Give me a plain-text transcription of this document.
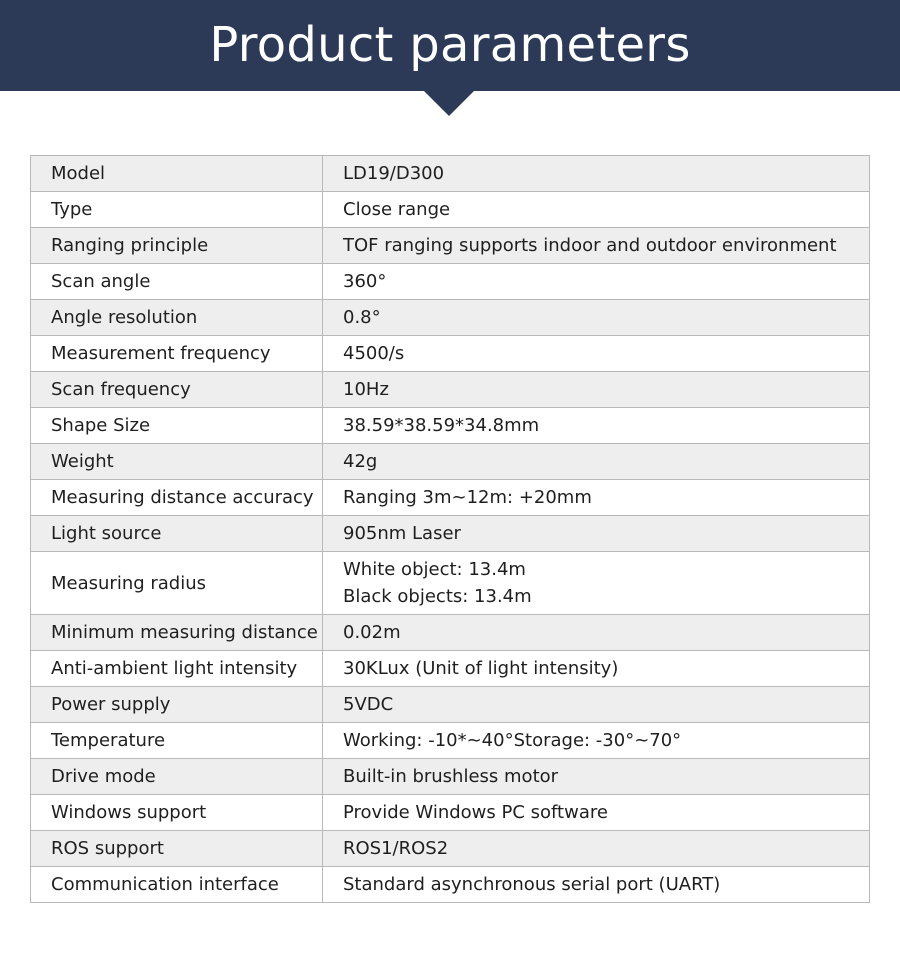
Product parameters
Model	LD19/D300
Type	Close range
Ranging principle	TOF ranging supports indoor and outdoor environment
Scan angle	360°
Angle resolution	0.8°
Measurement frequency	4500/s
Scan frequency	10Hz
Shape Size	38.59*38.59*34.8mm
Weight	42g
Measuring distance accuracy	Ranging 3m~12m: +20mm
Light source	905nm Laser
Measuring radius	White object: 13.4m
Black objects: 13.4m

Minimum measuring distance	0.02m
Anti-ambient light intensity	30KLux (Unit of light intensity)
Power supply	5VDC
Temperature	Working: -10*~40°Storage: -30°~70°
Drive mode	Built-in brushless motor
Windows support	Provide Windows PC software
ROS support	ROS1/ROS2
Communication interface	Standard asynchronous serial port (UART)
